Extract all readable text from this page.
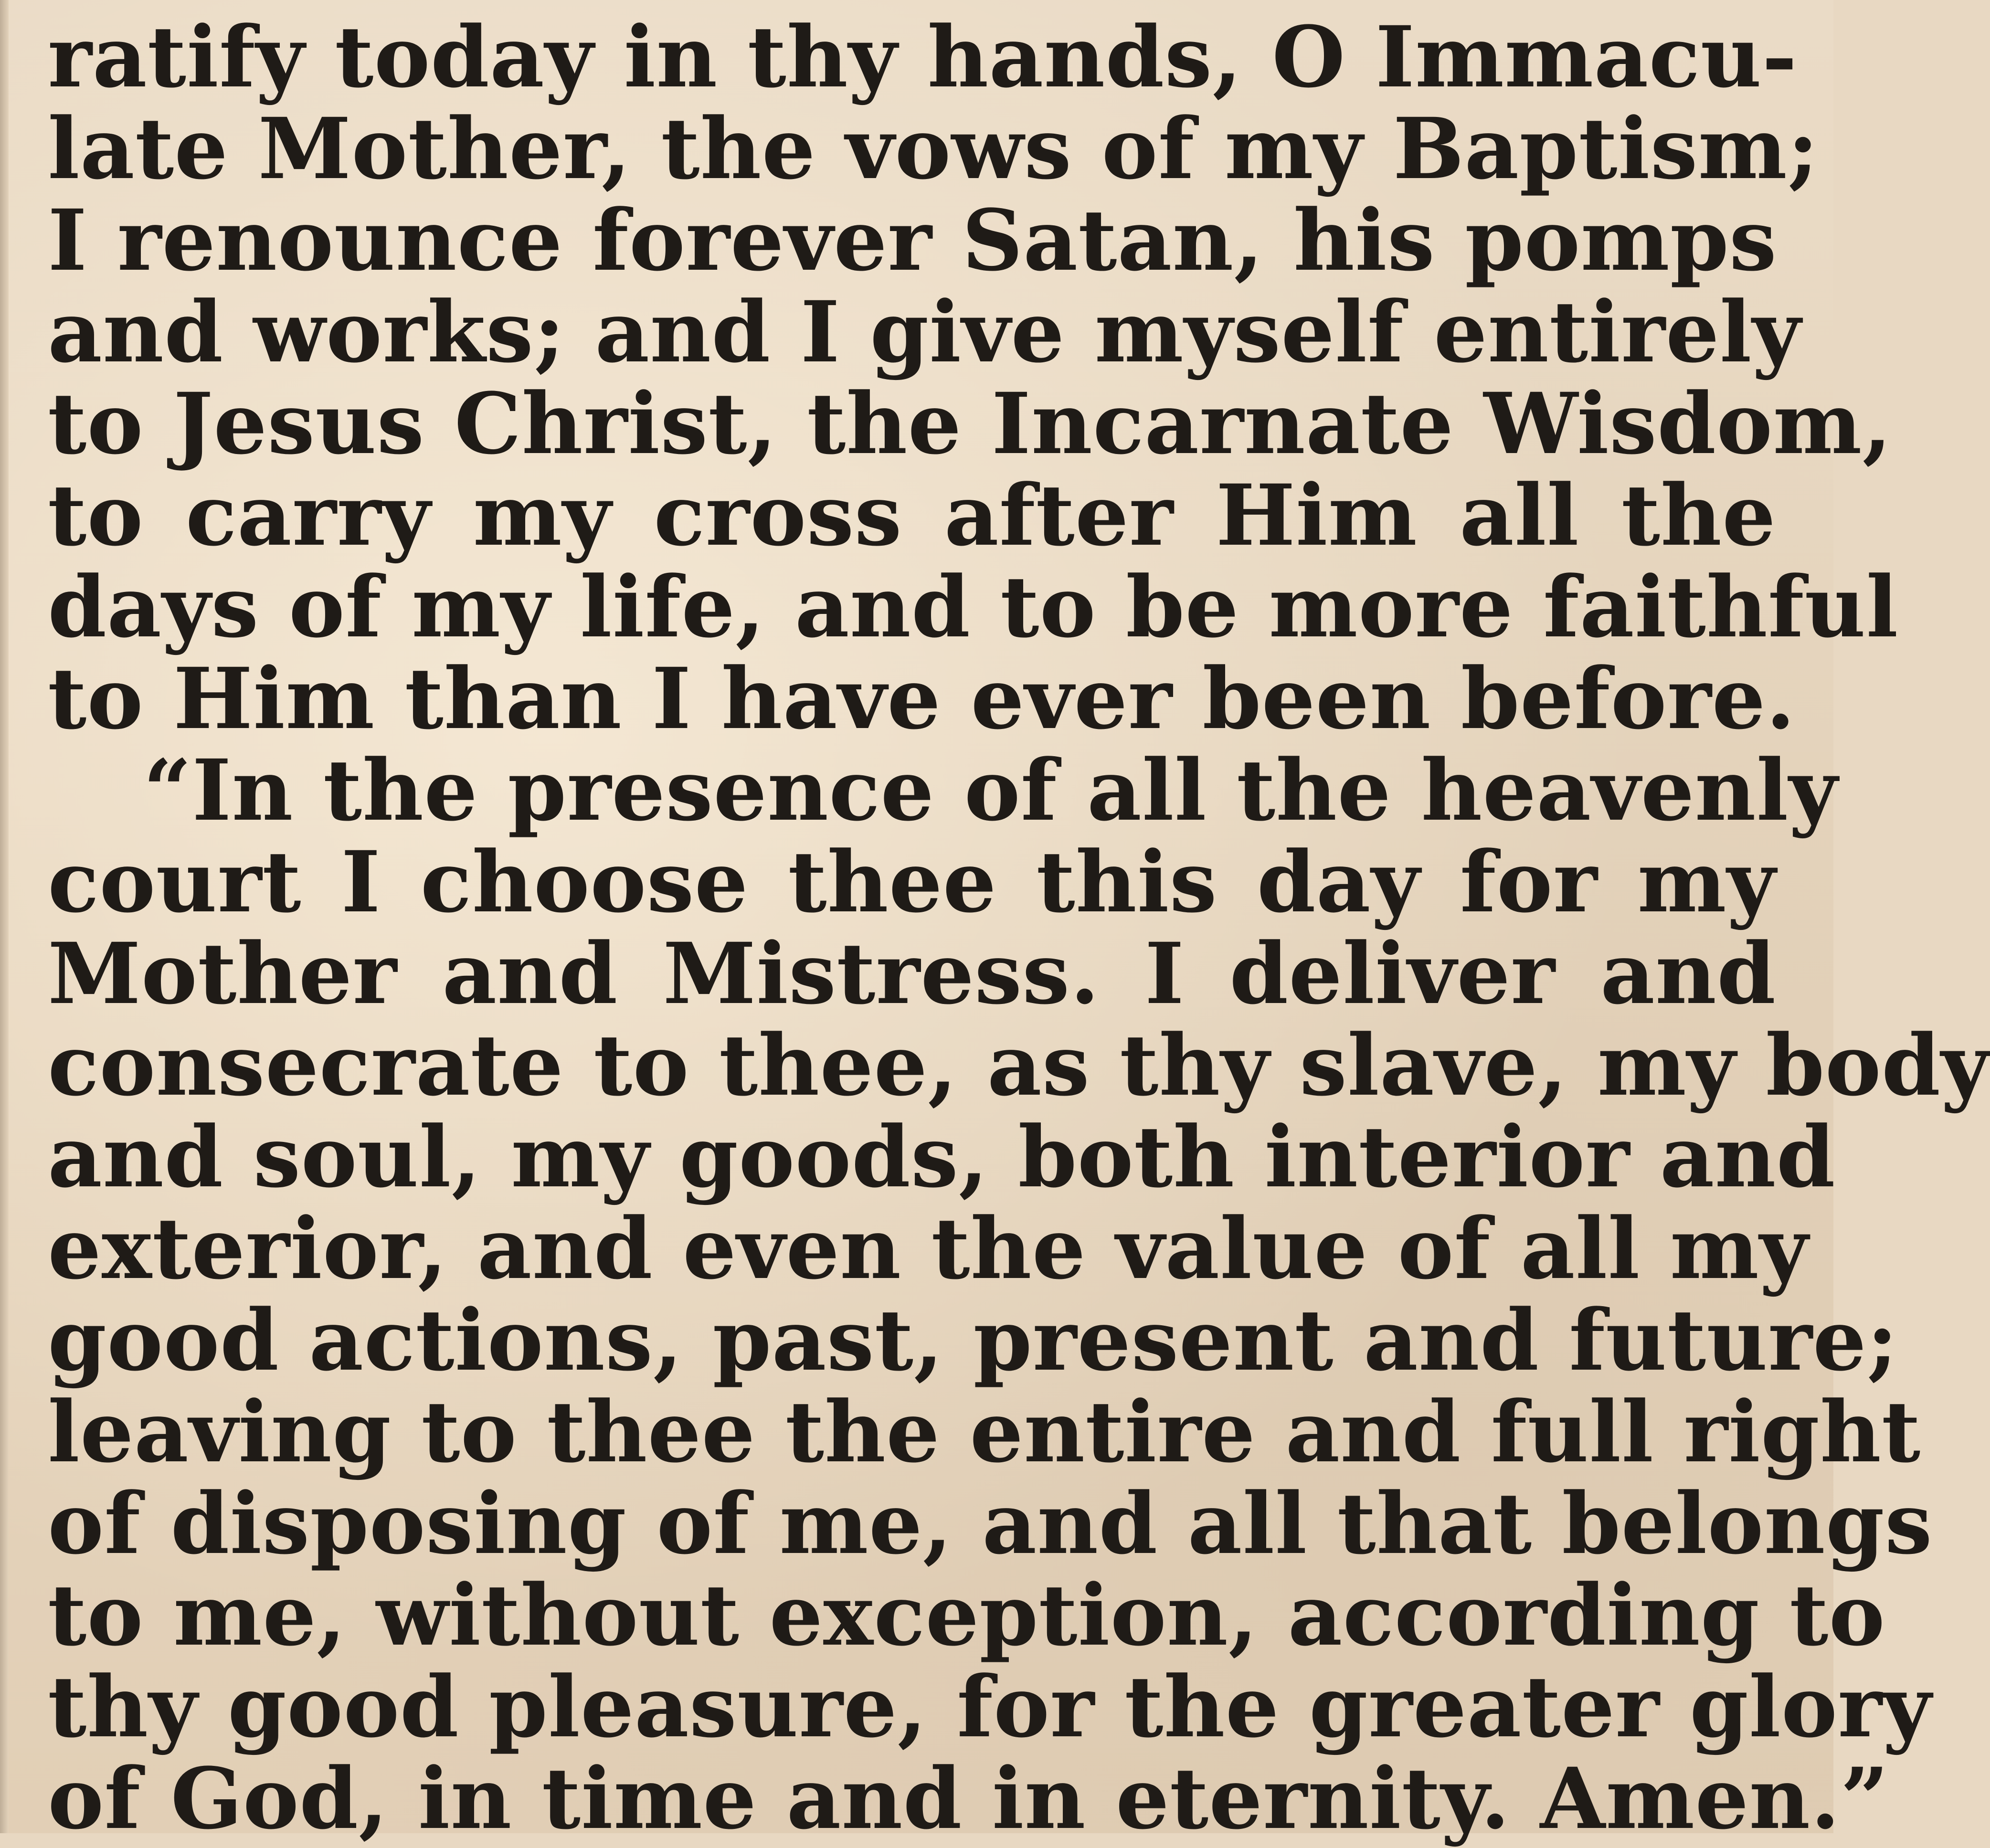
ratify today in thy hands, O Immacu-
late Mother, the vows of my Baptism;
I renounce forever Satan, his pomps
and works; and I give myself entirely
to Jesus Christ, the Incarnate Wisdom,
to carry my cross after Him all the
days of my life, and to be more faithful
to Him than I have ever been before.
“In the presence of all the heavenly
court I choose thee this day for my
Mother and Mistress. I deliver and
consecrate to thee, as thy slave, my body
and soul, my goods, both interior and
exterior, and even the value of all my
good actions, past, present and future;
leaving to thee the entire and full right
of disposing of me, and all that belongs
to me, without exception, according to
thy good pleasure, for the greater glory
of God, in time and in eternity. Amen.”
